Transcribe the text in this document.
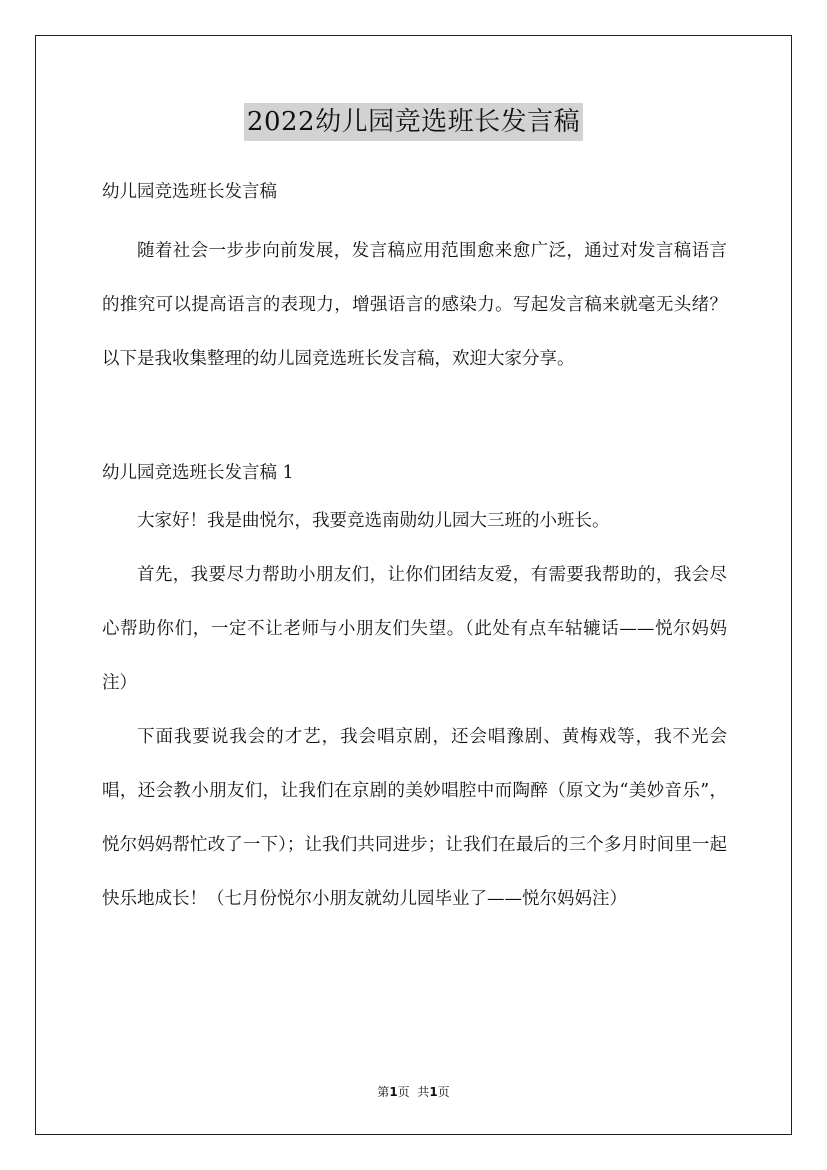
2022幼儿园竞选班长发言稿

幼儿园竞选班长发言稿

随着社会一步步向前发展，发言稿应用范围愈来愈广泛，通过对发言稿语言的推究可以提高语言的表现力，增强语言的感染力。写起发言稿来就毫无头绪？以下是我收集整理的幼儿园竞选班长发言稿，欢迎大家分享。

幼儿园竞选班长发言稿 1

大家好！我是曲悦尔，我要竞选南勋幼儿园大三班的小班长。

首先，我要尽力帮助小朋友们，让你们团结友爱，有需要我帮助的，我会尽心帮助你们，一定不让老师与小朋友们失望。（此处有点车轱辘话——悦尔妈妈注）

下面我要说我会的才艺，我会唱京剧，还会唱豫剧、黄梅戏等，我不光会唱，还会教小朋友们，让我们在京剧的美妙唱腔中而陶醉（原文为“美妙音乐”，悦尔妈妈帮忙改了一下）；让我们共同进步；让我们在最后的三个多月时间里一起快乐地成长！（七月份悦尔小朋友就幼儿园毕业了——悦尔妈妈注）

第1页  共1页
